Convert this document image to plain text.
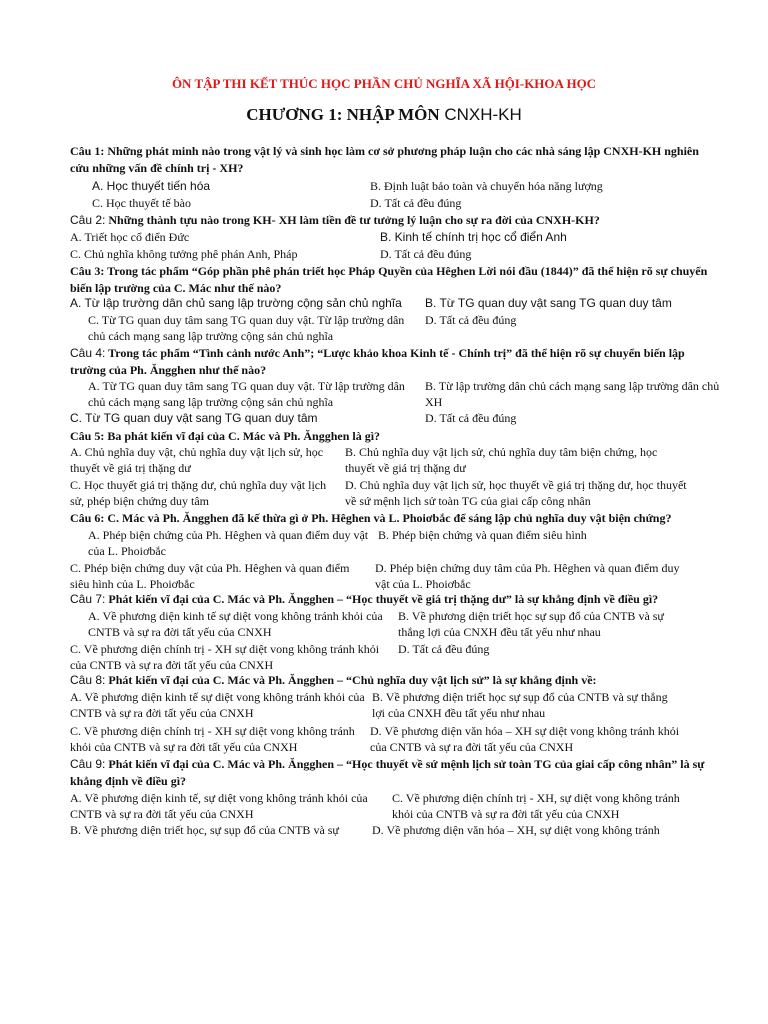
ÔN TẬP THI KẾT THÚC HỌC PHẦN CHỦ NGHĨA XÃ HỘI-KHOA HỌC
CHƯƠNG 1: NHẬP MÔN CNXH-KH
Câu 1: Những phát minh nào trong vật lý và sinh học làm cơ sở phương pháp luận cho các nhà sáng lập CNXH-KH nghiên cứu những vấn đề chính trị - XH?
A. Học thuyết tiến hóa	B. Định luật bảo toàn và chuyển hóa năng lượng
C. Học thuyết tế bào	D. Tất cả đều đúng
Câu 2: Những thành tựu nào trong KH- XH làm tiền đề tư tưởng lý luận cho sự ra đời của CNXH-KH?
A. Triết học cổ điển Đức	B. Kinh tế chính trị học cổ điển Anh
C. Chủ nghĩa không tưởng phê phán Anh, Pháp	D. Tất cả đều đúng
Câu 3: Trong tác phẩm “Góp phần phê phán triết học Pháp Quyền của Hêghen Lời nói đầu (1844)” đã thể hiện rõ sự chuyển biến lập trường của C. Mác như thế nào?
A. Từ lập trường dân chủ sang lập trường cộng sản chủ nghĩa	B. Từ TG quan duy vật sang TG quan duy tâm
C. Từ TG quan duy tâm sang TG quan duy vật. Từ lập trường dân chủ cách mạng sang lập trường cộng sản chủ nghĩa
D. Tất cả đều đúng
Câu 4: Trong tác phẩm “Tình cảnh nước Anh”; “Lược khảo khoa Kinh tế - Chính trị” đã thể hiện rõ sự chuyển biến lập trường của Ph. Ăngghen như thế nào?
A. Từ TG quan duy tâm sang TG quan duy vật. Từ lập trường dân chủ cách mạng sang lập trường cộng sản chủ nghĩa
B. Từ lập trường dân chủ cách mạng sang lập trường dân chủ XH
C. Từ TG quan duy vật sang TG quan duy tâm	D. Tất cả đều đúng
Câu 5: Ba phát kiến vĩ đại của C. Mác và Ph. Ăngghen là gì?
A. Chủ nghĩa duy vật, chủ nghĩa duy vật lịch sử, học thuyết về giá trị thặng dư
B. Chủ nghĩa duy vật lịch sử, chủ nghĩa duy tâm biện chứng, học thuyết về giá trị thặng dư
C. Học thuyết giá trị thặng dư, chủ nghĩa duy vật lịch sử, phép biện chứng duy tâm
D. Chủ nghĩa duy vật lịch sử, học thuyết về giá trị thặng dư, học thuyết về sứ mệnh lịch sử toàn TG của giai cấp công nhân
Câu 6: C. Mác và Ph. Ăngghen đã kế thừa gì ở Ph. Hêghen và L. Phoiơbắc để sáng lập chủ nghĩa duy vật biện chứng?
A. Phép biện chứng của Ph. Hêghen và quan điểm duy vật của L. Phoiơbắc
B. Phép biện chứng và quan điểm siêu hình
C. Phép biện chứng duy vật của Ph. Hêghen và quan điểm siêu hình của L. Phoiơbắc
D. Phép biện chứng duy tâm của Ph. Hêghen và quan điểm duy vật của L. Phoiơbắc
Câu 7: Phát kiến vĩ đại của C. Mác và Ph. Ăngghen – “Học thuyết về giá trị thặng dư” là sự khẳng định về điều gì?
A. Về phương diện kinh tế sự diệt vong không tránh khỏi của CNTB và sự ra đời tất yếu của CNXH
B. Về phương diện triết học sự sụp đổ của CNTB và sự thắng lợi của CNXH đều tất yếu như nhau
C. Về phương diện chính trị - XH sự diệt vong không tránh khỏi của CNTB và sự ra đời tất yếu của CNXH
D. Tất cả đều đúng
Câu 8: Phát kiến vĩ đại của C. Mác và Ph. Ăngghen – “Chủ nghĩa duy vật lịch sử” là sự khẳng định về:
A. Về phương diện kinh tế sự diệt vong không tránh khỏi của CNTB và sự ra đời tất yếu của CNXH
B. Về phương diện triết học sự sụp đổ của CNTB và sự thắng lợi của CNXH đều tất yếu như nhau
C. Về phương diện chính trị - XH sự diệt vong không tránh khỏi của CNTB và sự ra đời tất yếu của CNXH
D. Về phương diện văn hóa – XH sự diệt vong không tránh khỏi của CNTB và sự ra đời tất yếu của CNXH
Câu 9: Phát kiến vĩ đại của C. Mác và Ph. Ăngghen – “Học thuyết về sứ mệnh lịch sử toàn TG của giai cấp công nhân” là sự khẳng định về điều gì?
A. Về phương diện kinh tế, sự diệt vong không tránh khỏi của CNTB và sự ra đời tất yếu của CNXH
C. Về phương diện chính trị - XH, sự diệt vong không tránh khỏi của CNTB và sự ra đời tất yếu của CNXH
B. Về phương diện triết học, sự sụp đổ của CNTB và sự	D. Về phương diện văn hóa – XH, sự diệt vong không tránh
